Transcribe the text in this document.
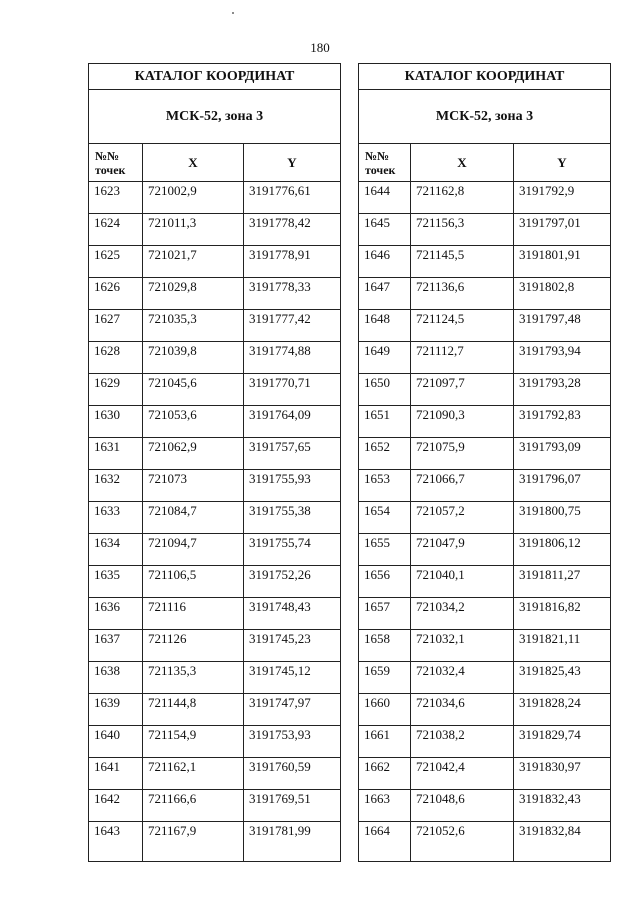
180
КАТАЛОГ КООРДИНАТ		
МСК-52, зона 3		
№№ точек	X	Y
1623	721002,9	3191776,61
1624	721011,3	3191778,42
1625	721021,7	3191778,91
1626	721029,8	3191778,33
1627	721035,3	3191777,42
1628	721039,8	3191774,88
1629	721045,6	3191770,71
1630	721053,6	3191764,09
1631	721062,9	3191757,65
1632	721073	3191755,93
1633	721084,7	3191755,38
1634	721094,7	3191755,74
1635	721106,5	3191752,26
1636	721116	3191748,43
1637	721126	3191745,23
1638	721135,3	3191745,12
1639	721144,8	3191747,97
1640	721154,9	3191753,93
1641	721162,1	3191760,59
1642	721166,6	3191769,51
1643	721167,9	3191781,99
КАТАЛОГ КООРДИНАТ		
МСК-52, зона 3		
№№ точек	X	Y
1644	721162,8	3191792,9
1645	721156,3	3191797,01
1646	721145,5	3191801,91
1647	721136,6	3191802,8
1648	721124,5	3191797,48
1649	721112,7	3191793,94
1650	721097,7	3191793,28
1651	721090,3	3191792,83
1652	721075,9	3191793,09
1653	721066,7	3191796,07
1654	721057,2	3191800,75
1655	721047,9	3191806,12
1656	721040,1	3191811,27
1657	721034,2	3191816,82
1658	721032,1	3191821,11
1659	721032,4	3191825,43
1660	721034,6	3191828,24
1661	721038,2	3191829,74
1662	721042,4	3191830,97
1663	721048,6	3191832,43
1664	721052,6	3191832,84
